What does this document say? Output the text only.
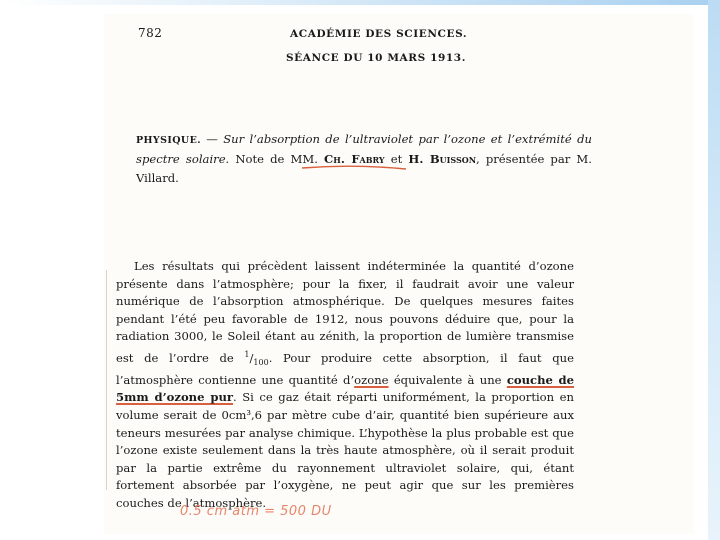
782	ACADÉMIE DES SCIENCES.
SÉANCE DU 10 MARS 1913.
PHYSIQUE. — Sur l’absorption de l’ultraviolet par l’ozone et l’extrémité du spectre solaire. Note de MM. Ch. Fabry et H. Buisson, présentée par M. Villard.
Les résultats qui précèdent laissent indéterminée la quantité d’ozone présente dans l’atmosphère; pour la fixer, il faudrait avoir une valeur numérique de l’absorption atmosphérique. De quelques mesures faites pendant l’été peu favorable de 1912, nous pouvons déduire que, pour la radiation 3000, le Soleil étant au zénith, la proportion de lumière transmise est de l’ordre de $^1/_{100}$. Pour produire cette absorption, il faut que l’atmosphère contienne une quantité d’ozone équivalente à une couche de 5mm d’ozone pur. Si ce gaz était réparti uniformément, la proportion en volume serait de 0cm³,6 par mètre cube d’air, quantité bien supérieure aux teneurs mesurées par analyse chimique. L’hypothèse la plus probable est que l’ozone existe seulement dans la très haute atmosphère, où il serait produit par la partie extrême du rayonnement ultraviolet solaire, qui, étant fortement absorbée par l’oxygène, ne peut agir que sur les premières couches de l’atmosphère.
0.5 cm atm = 500 DU
